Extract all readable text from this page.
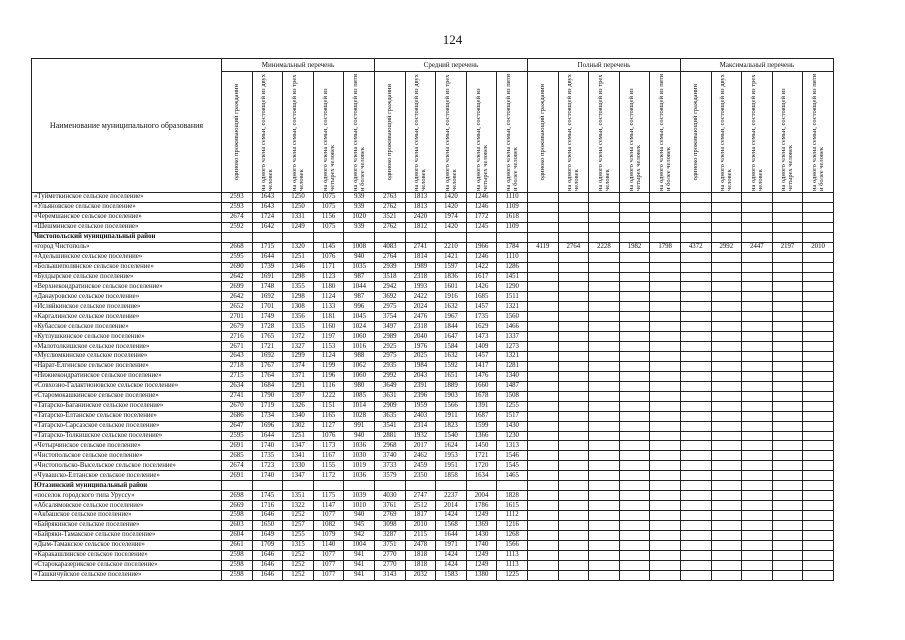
124
Наименование муниципального образования	Минимальный перечень					Средний перечень					Полный перечень					Максимальный перечень				

	одиноко проживающий гражданин	на одного члена семьи, состоящей из двух человек	на одного члена семьи, состоящей из трех человек	на одного члена семьи, состоящей из четырех человек	на одного члена семьи, состоящей из пяти и более человек	одиноко проживающий гражданин	на одного члена семьи, состоящей из двух человек	на одного члена семьи, состоящей из трех человек	на одного члена семьи, состоящей из четырех человек	на одного члена семьи, состоящей из пяти и более человек	одиноко проживающий гражданин	на одного члена семьи, состоящей из двух человек	на одного члена семьи, состоящей из трех человек	на одного члена семьи, состоящей из четырех человек	на одного члена семьи, состоящей из пяти и более человек	одиноко проживающий гражданин	на одного члена семьи, состоящей из двух человек	на одного члена семьи, состоящей из трех человек	на одного члена семьи, состоящей из четырех человек	на одного члена семьи, состоящей из пяти и более человек

«Туйметкинское сельское поселение»	2593	1643	1250	1075	939	2763	1813	1420	1246	1110										
«Ульяновское сельское поселение»	2593	1643	1250	1075	939	2762	1813	1420	1246	1109										
«Черемшанское сельское поселение»	2674	1724	1331	1156	1020	3521	2420	1974	1772	1618										
«Шешминское сельское поселение»	2592	1642	1249	1075	939	2762	1812	1420	1245	1109										
Чистопольский муниципальный район																				
«город Чистополь»	2668	1715	1320	1145	1008	4083	2741	2210	1966	1784	4119	2764	2228	1982	1798	4372	2992	2447	2197	2010
«Адельшинское сельское поселение»	2595	1644	1251	1076	940	2764	1814	1421	1246	1110										
«Больашеполянское сельское поселение»	2690	1739	1346	1171	1035	2939	1989	1597	1422	1286										
«Булдырское сельское поселение»	2642	1691	1298	1123	987	3518	2318	1836	1617	1451										
«Верхнекондратинское сельское поселение»	2699	1748	1355	1180	1044	2942	1993	1601	1426	1290										
«Данауровское сельское поселение»	2642	1692	1298	1124	987	3692	2422	1916	1685	1511										
«Исляйкинское сельское поселение»	2652	1701	1308	1133	996	2975	2024	1632	1457	1321										
«Каргалинское сельское поселение»	2701	1749	1356	1181	1045	3754	2476	1967	1735	1560										
«Кубасское сельское поселение»	2679	1728	1335	1160	1024	3497	2318	1844	1629	1466										
«Кутлушкинское сельское поселение»	2716	1765	1372	1197	1060	2989	2040	1647	1473	1337										
«Малотолкишское сельское поселение»	2671	1721	1327	1153	1016	2925	1976	1584	1409	1273										
«Муслюмкинское сельское поселение»	2643	1692	1299	1124	988	2975	2025	1632	1457	1321										
«Нарат-Елгинское сельское поселение»	2718	1767	1374	1199	1062	2935	1984	1592	1417	1281										
«Нижнекондратинское сельское поселение»	2715	1764	1371	1196	1060	2992	2043	1651	1476	1340										
«Совхозно-Галактионовское сельское поселение»	2634	1684	1291	1116	980	3649	2391	1889	1660	1487										
«Старомокашкинское сельское поселение»	2741	1790	1397	1222	1085	3631	2396	1903	1678	1508										
«Татарско-Баганинское сельское поселение»	2670	1719	1326	1151	1014	2909	1959	1566	1391	1255										
«Татарско-Елтанское сельское поселение»	2686	1734	1340	1165	1028	3635	2403	1911	1687	1517										
«Татарско-Сарсазское сельское поселение»	2647	1696	1302	1127	991	3541	2314	1823	1599	1430										
«Татарско-Толкишское сельское поселение»	2595	1644	1251	1076	940	2881	1932	1540	1366	1230										
«Четырчинское сельское поселение»	2691	1740	1347	1173	1036	2968	2017	1624	1450	1313										
«Чистопольское сельское поселение»	2685	1735	1341	1167	1030	3740	2462	1953	1721	1546										
«Чистопольско-Высельское сельское поселение»	2674	1723	1330	1155	1019	3733	2459	1951	1720	1545										
«Чувашско-Елтанское сельское поселение»	2691	1740	1347	1172	1036	3579	2350	1858	1634	1465										
Ютазинский муниципальный район																				
«поселок городского типа Уруссу»	2698	1745	1351	1175	1039	4030	2747	2237	2004	1828										
«Абсалямовское сельское поселение»	2669	1716	1322	1147	1010	3761	2512	2014	1786	1615										
«Акбашское сельское поселение»	2598	1646	1252	1077	940	2769	1817	1424	1249	1112										
«Байрякинское сельское поселение»	2603	1650	1257	1082	945	3098	2010	1568	1369	1216										
«Байряки-Тамакское сельское поселение»	2604	1649	1255	1079	942	3287	2115	1644	1430	1268										
«Дым-Тамакское сельское поселение»	2661	1709	1315	1140	1004	3751	2478	1971	1740	1566										
«Каракашлинское сельское поселение»	2598	1646	1252	1077	941	2770	1818	1424	1249	1113										
«Старокаразерикское сельское поселение»	2598	1646	1252	1077	941	2770	1818	1424	1249	1113										
«Ташкичуйское сельское поселение»	2598	1646	1252	1077	941	3143	2032	1583	1380	1225										
